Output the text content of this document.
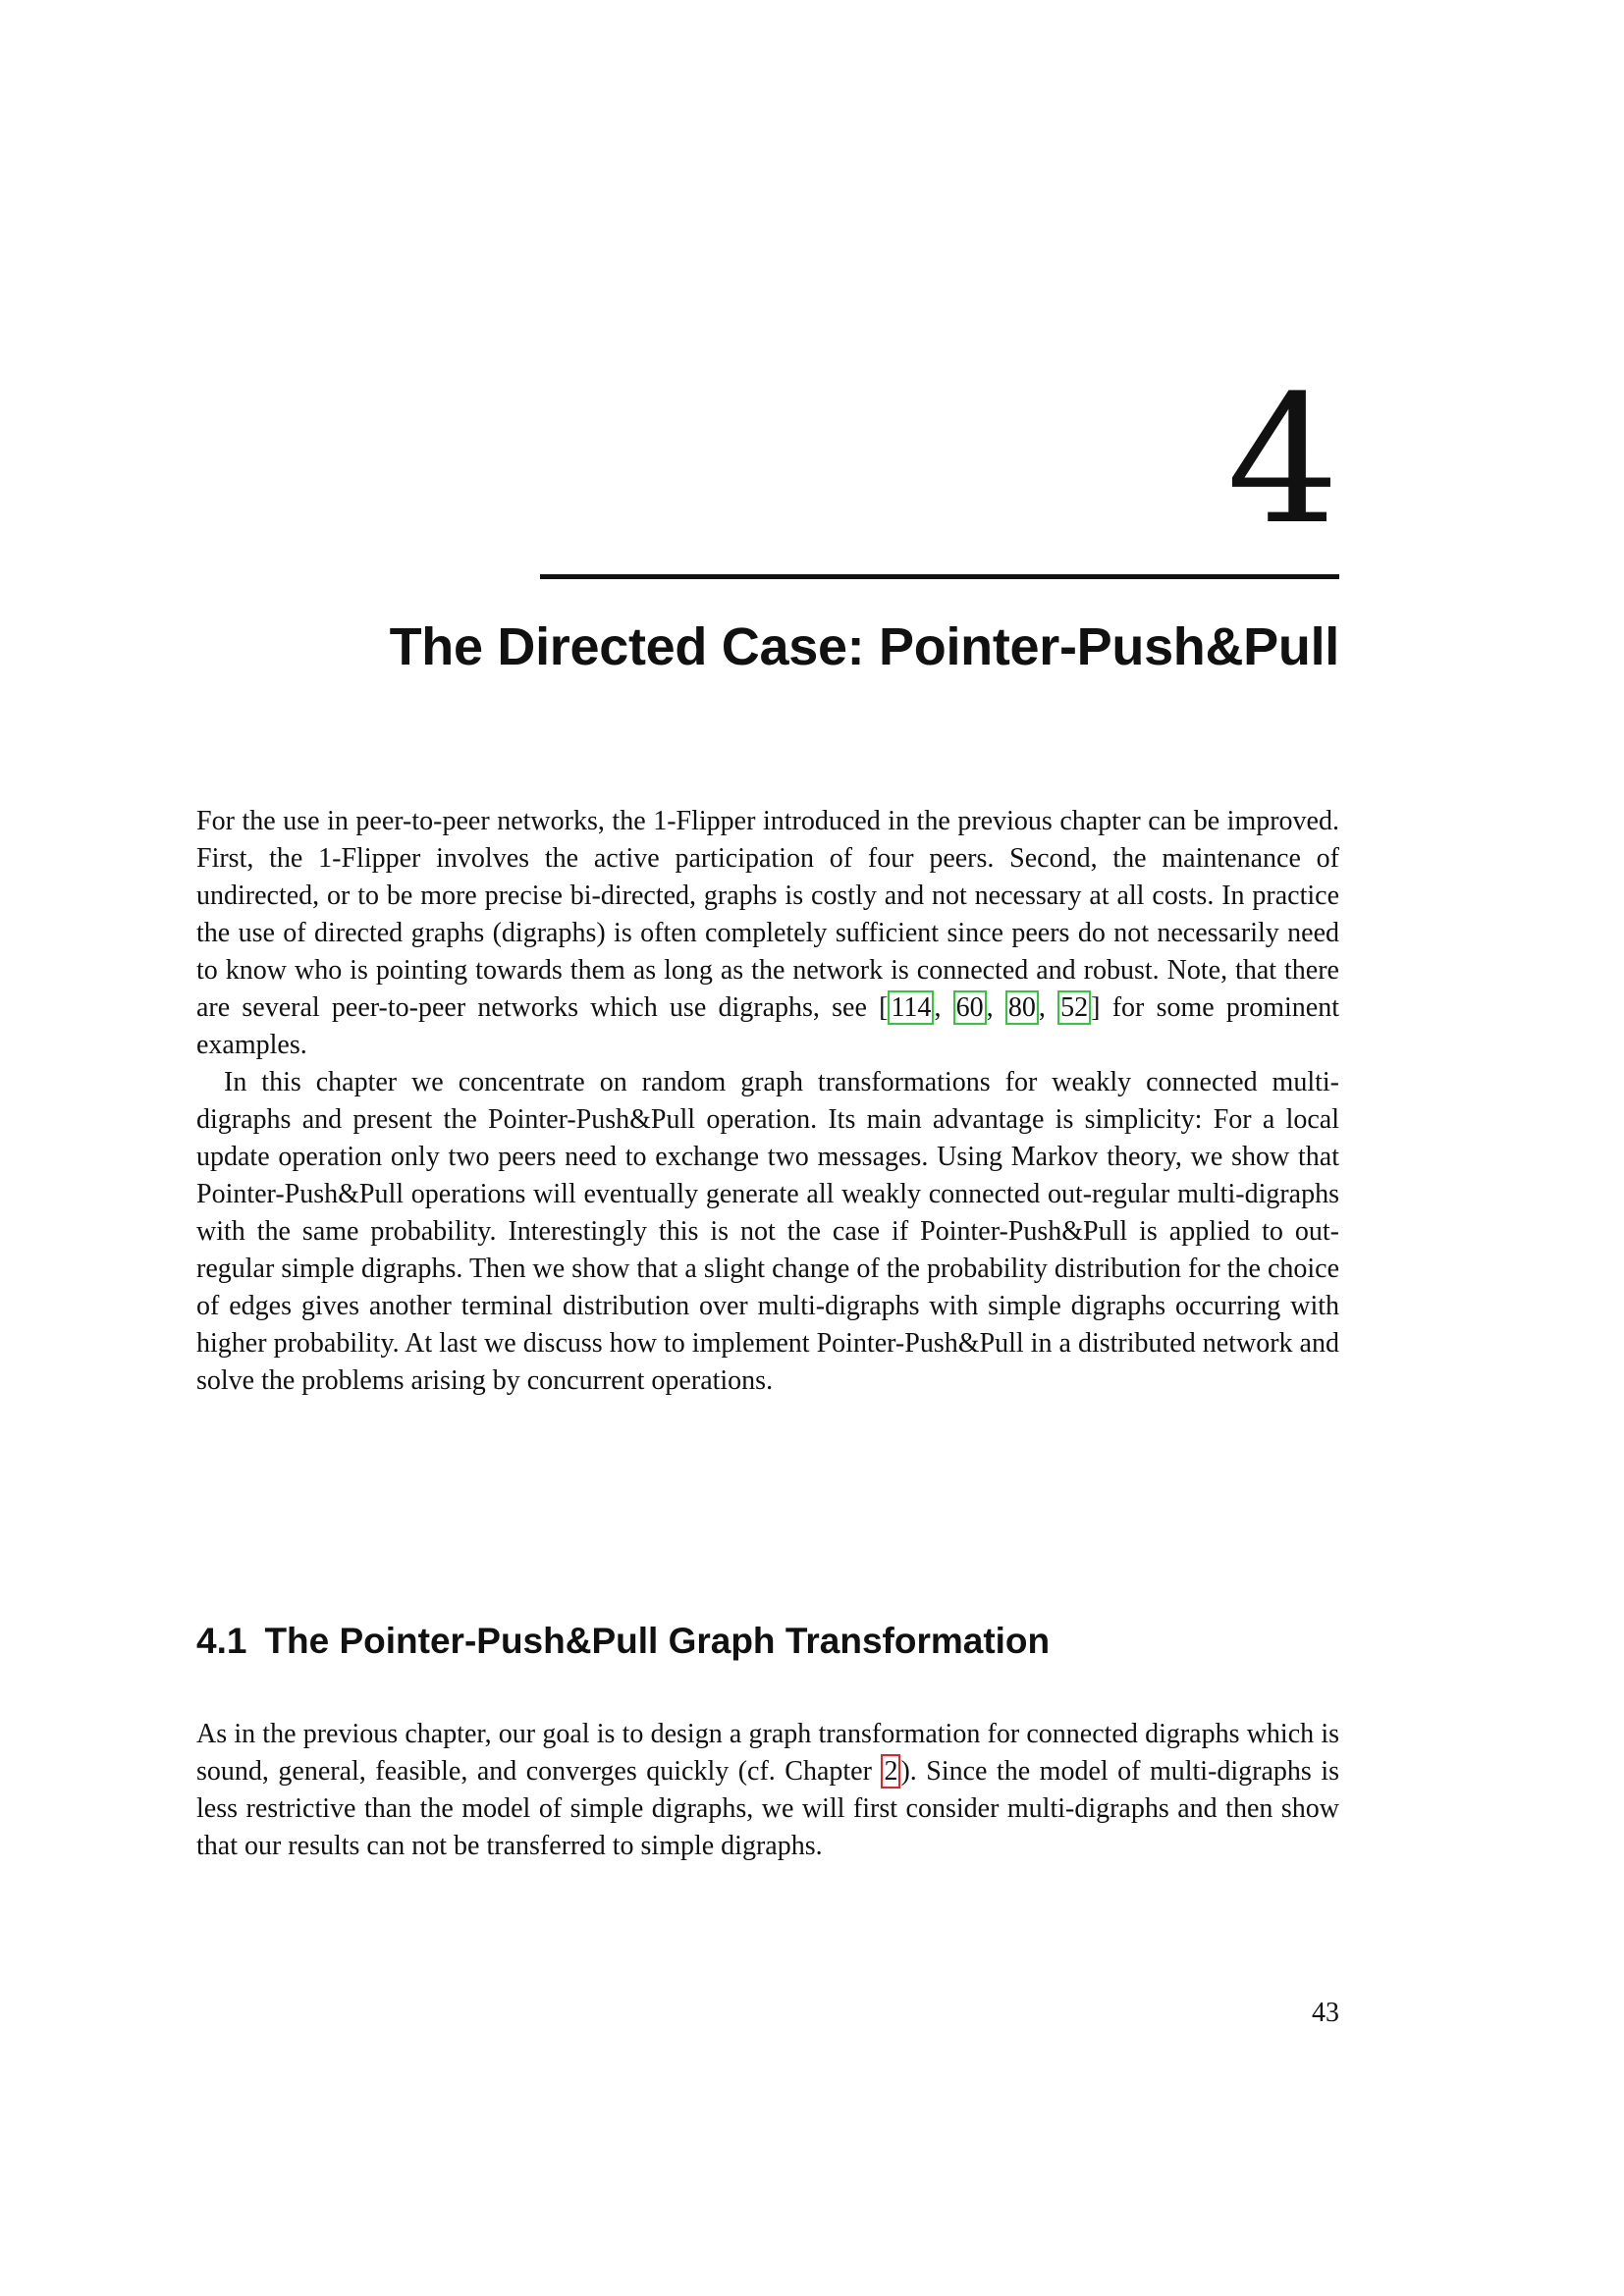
4
The Directed Case: Pointer-Push&Pull

For the use in peer-to-peer networks, the 1-Flipper introduced in the previous chapter can be improved. First, the 1-Flipper involves the active participation of four peers. Second, the maintenance of undirected, or to be more precise bi-directed, graphs is costly and not necessary at all costs. In practice the use of directed graphs (digraphs) is often completely sufficient since peers do not necessarily need to know who is pointing towards them as long as the network is connected and robust. Note, that there are several peer-to-peer networks which use digraphs, see [ 114 , 60 , 80 , 52 ] for some prominent examples.

In this chapter we concentrate on random graph transformations for weakly connected multi-digraphs and present the Pointer-Push&Pull operation. Its main advantage is simplicity: For a local update operation only two peers need to exchange two messages. Using Markov theory, we show that Pointer-Push&Pull operations will eventually generate all weakly connected out-regular multi-digraphs with the same probability. Interestingly this is not the case if Pointer-Push&Pull is applied to out-regular simple digraphs. Then we show that a slight change of the probability distribution for the choice of edges gives another terminal distribution over multi-digraphs with simple digraphs occurring with higher probability. At last we discuss how to implement Pointer-Push&Pull in a distributed network and solve the problems arising by concurrent operations.

4.1 The Pointer-Push&Pull Graph Transformation

As in the previous chapter, our goal is to design a graph transformation for connected digraphs which is sound, general, feasible, and converges quickly (cf. Chapter 2 ). Since the model of multi-digraphs is less restrictive than the model of simple digraphs, we will first consider multi-digraphs and then show that our results can not be transferred to simple digraphs.

43
